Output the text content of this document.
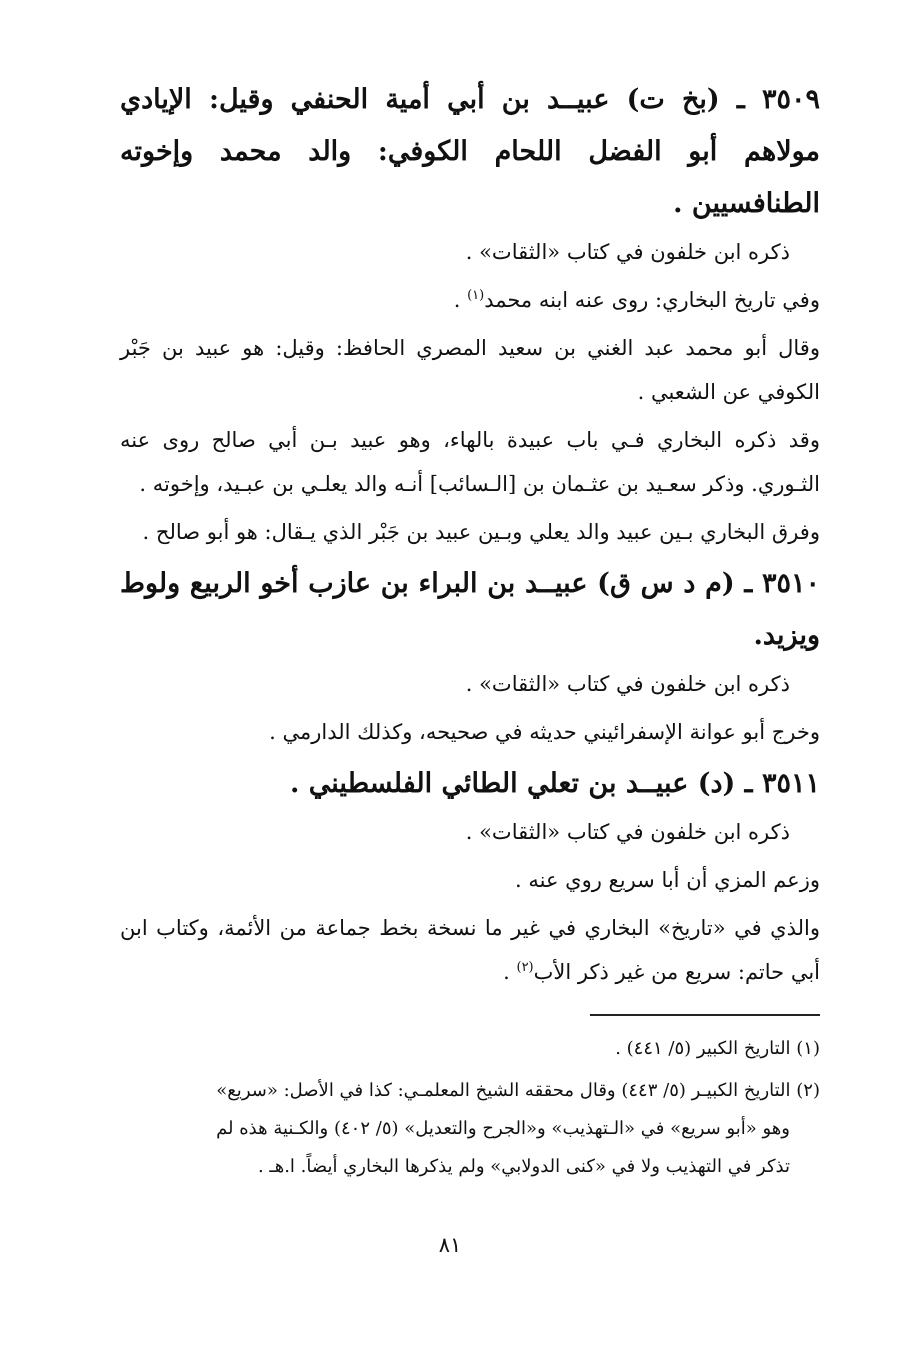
٣٥٠٩ ـ (بخ ت) عبيــد بن أبي أمية الحنفي وقيل: الإيادي مولاهم أبو الفضل اللحام الكوفي: والد محمد وإخوته الطنافسيين .

ذكره ابن خلفون في كتاب «الثقات» .

وفي تاريخ البخاري: روى عنه ابنه محمد$^{(١)}$ .

وقال أبو محمد عبد الغني بن سعيد المصري الحافظ: وقيل: هو عبيد بن جَبْر الكوفي عن الشعبي .

وقد ذكره البخاري فـي باب عبيدة بالهاء، وهو عبيد بـن أبي صالح روى عنه الثـوري. وذكر سعـيد بن عثـمان بن [الـسائب] أنـه والد يعلـي بن عبـيد، وإخوته .

وفرق البخاري بـين عبيد والد يعلي وبـين عبيد بن جَبْر الذي يـقال: هو أبو صالح .

٣٥١٠ ـ (م د س ق) عبيــد بن البراء بن عازب أخو الربيع ولوط ويزيد.

ذكره ابن خلفون في كتاب «الثقات» .

وخرج أبو عوانة الإسفرائيني حديثه في صحيحه، وكذلك الدارمي .

٣٥١١ ـ (د) عبيــد بن تعلي الطائي الفلسطيني .

ذكره ابن خلفون في كتاب «الثقات» .

وزعم المزي أن أبا سريع روي عنه .

والذي في «تاريخ» البخاري في غير ما نسخة بخط جماعة من الأئمة، وكتاب ابن أبي حاتم: سريع من غير ذكر الأب$^{(٢)}$ .

(١) التاريخ الكبير (٥/ ٤٤١) .

(٢) التاريخ الكبيـر (٥/ ٤٤٣) وقال محققه الشيخ المعلمـي: كذا في الأصل: «سريع»
وهو «أبو سريع» في «الـتهذيب» و«الجرح والتعديل» (٥/ ٤٠٢) والكـنية هذه لم
تذكر في التهذيب ولا في «كنى الدولابي» ولم يذكرها البخاري أيضاً. ا.هـ .

٨١
